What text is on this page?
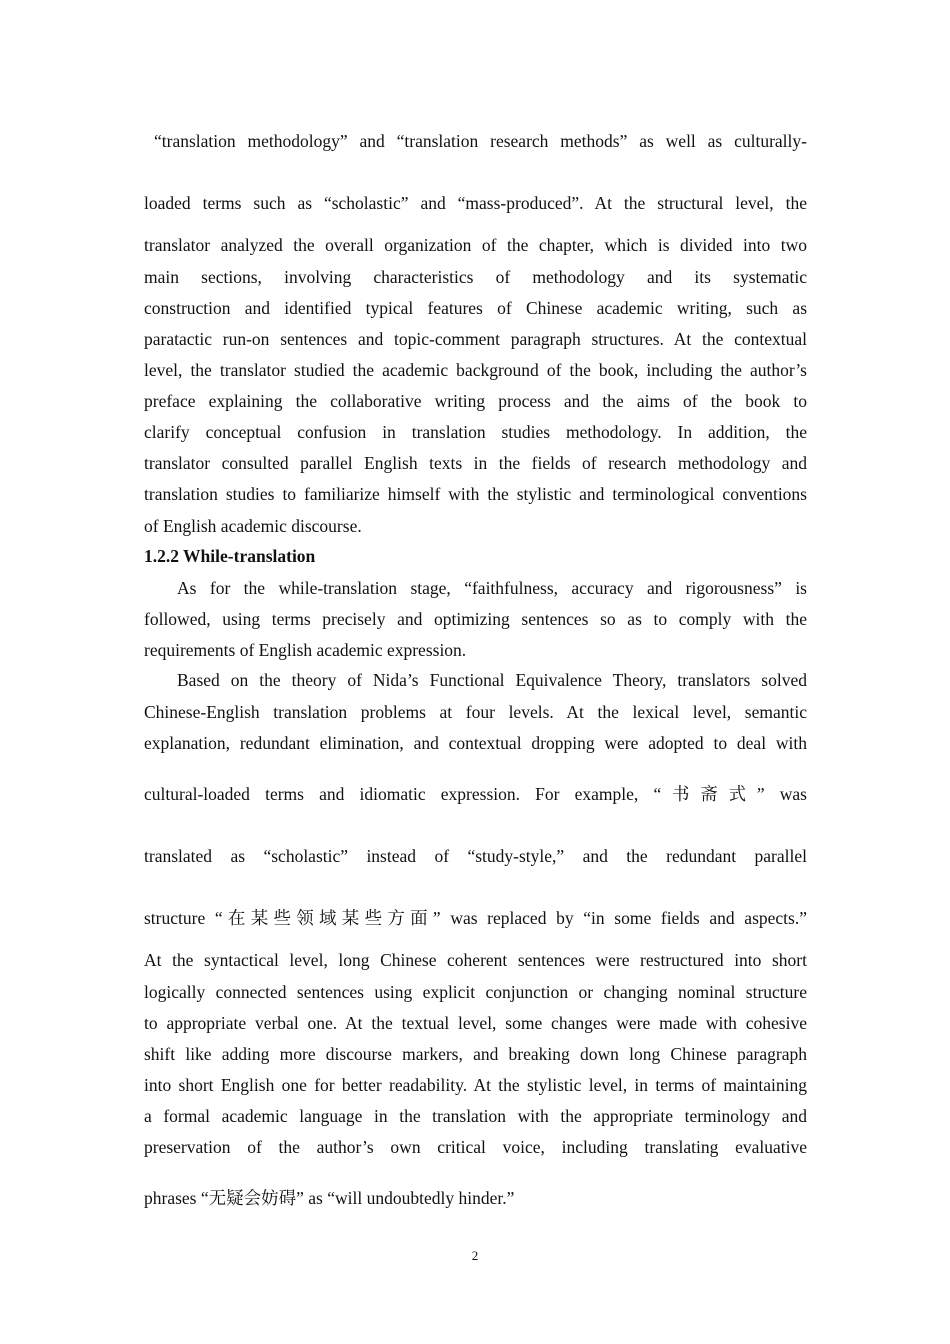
“translation methodology” and “translation research methods” as well as culturally-
loaded terms such as “scholastic” and “mass-produced”. At the structural level, the
translator analyzed the overall organization of the chapter, which is divided into two
main sections, involving characteristics of methodology and its systematic
construction and identified typical features of Chinese academic writing, such as
paratactic run-on sentences and topic-comment paragraph structures. At the contextual
level, the translator studied the academic background of the book, including the author’s
preface explaining the collaborative writing process and the aims of the book to
clarify conceptual confusion in translation studies methodology. In addition, the
translator consulted parallel English texts in the fields of research methodology and
translation studies to familiarize himself with the stylistic and terminological conventions
of English academic discourse.
1.2.2 While-translation
As for the while-translation stage, “faithfulness, accuracy and rigorousness” is
followed, using terms precisely and optimizing sentences so as to comply with the
requirements of English academic expression.
Based on the theory of Nida’s Functional Equivalence Theory, translators solved
Chinese-English translation problems at four levels. At the lexical level, semantic
explanation, redundant elimination, and contextual dropping were adopted to deal with
cultural-loaded terms and idiomatic expression. For example, “书斋式” was
translated as “scholastic” instead of “study-style,” and the redundant parallel
structure “在某些领域某些方面” was replaced by “in some fields and aspects.”
At the syntactical level, long Chinese coherent sentences were restructured into short
logically connected sentences using explicit conjunction or changing nominal structure
to appropriate verbal one. At the textual level, some changes were made with cohesive
shift like adding more discourse markers, and breaking down long Chinese paragraph
into short English one for better readability. At the stylistic level, in terms of maintaining
a formal academic language in the translation with the appropriate terminology and
preservation of the author’s own critical voice, including translating evaluative
phrases “无疑会妨碍” as “will undoubtedly hinder.”
2
